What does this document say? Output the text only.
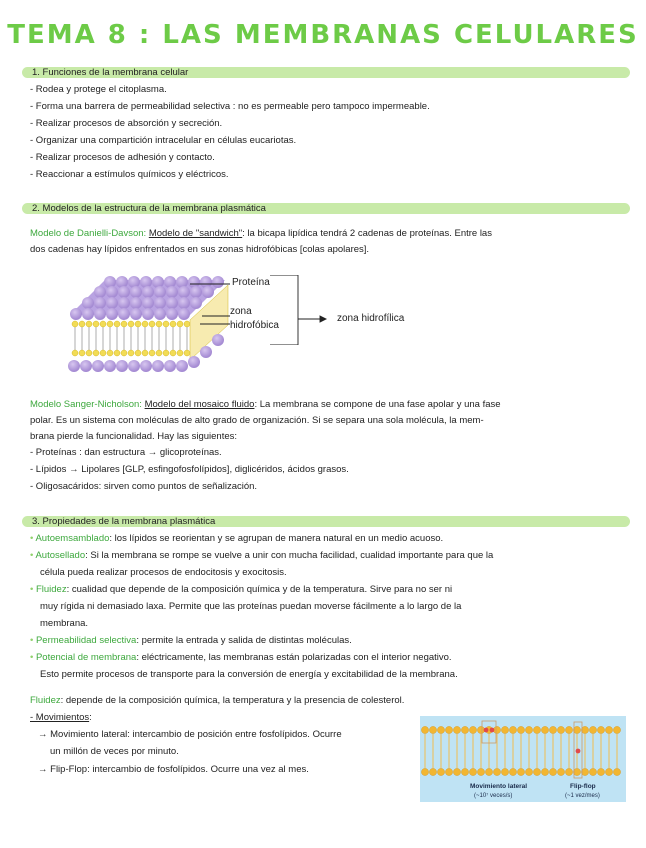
TEMA 8 : LAS MEMBRANAS CELULARES
1. Funciones de la membrana celular
- Rodea y protege el citoplasma.
- Forma una barrera de permeabilidad selectiva : no es permeable pero tampoco impermeable.
- Realizar procesos de absorción y secreción.
- Organizar una compartición intracelular en células eucariotas.
- Realizar procesos de adhesión y contacto.
- Reaccionar a estímulos químicos y eléctricos.
2. Modelos de la estructura de la membrana plasmática
Modelo de Danielli-Davson: Modelo de "sandwich": la bicapa lipídica tendrá 2 cadenas de proteínas. Entre las
dos cadenas hay lípidos enfrentados en sus zonas hidrofóbicas [colas apolares].
Proteína
zona
hidrofóbica
zona hidrofílica
Modelo Sanger-Nicholson: Modelo del mosaico fluido: La membrana se compone de una fase apolar y una fase
polar. Es un sistema con moléculas de alto grado de organización. Si se separa una sola molécula, la mem-
brana pierde la funcionalidad. Hay las siguientes:
- Proteínas : dan estructura → glicoproteínas.
- Lípidos → Lipolares [GLP, esfingofosfolípidos], diglicéridos, ácidos grasos.
- Oligosacáridos: sirven como puntos de señalización.
3. Propiedades de la membrana plasmática
• Autoemsamblado: los lípidos se reorientan y se agrupan de manera natural en un medio acuoso.
• Autosellado: Si la membrana se rompe se vuelve a unir con mucha facilidad, cualidad importante para que la
célula pueda realizar procesos de endocitosis y exocitosis.
• Fluidez: cualidad que depende de la composición química y de la temperatura. Sirve para no ser ni
muy rígida ni demasiado laxa. Permite que las proteínas puedan moverse fácilmente a lo largo de la
membrana.
• Permeabilidad selectiva: permite la entrada y salida de distintas moléculas.
• Potencial de membrana: eléctricamente, las membranas están polarizadas con el interior negativo.
Esto permite procesos de transporte para la conversión de energía y excitabilidad de la membrana.
Fluidez: depende de la composición química, la temperatura y la presencia de colesterol.
- Movimientos:
→ Movimiento lateral: intercambio de posición entre fosfolípidos. Ocurre
un millón de veces por minuto.
→ Flip-Flop: intercambio de fosfolípidos. Ocurre una vez al mes.
Movimiento lateral
(~10⁷ veces/s)
Flip-flop
(~1 vez/mes)
